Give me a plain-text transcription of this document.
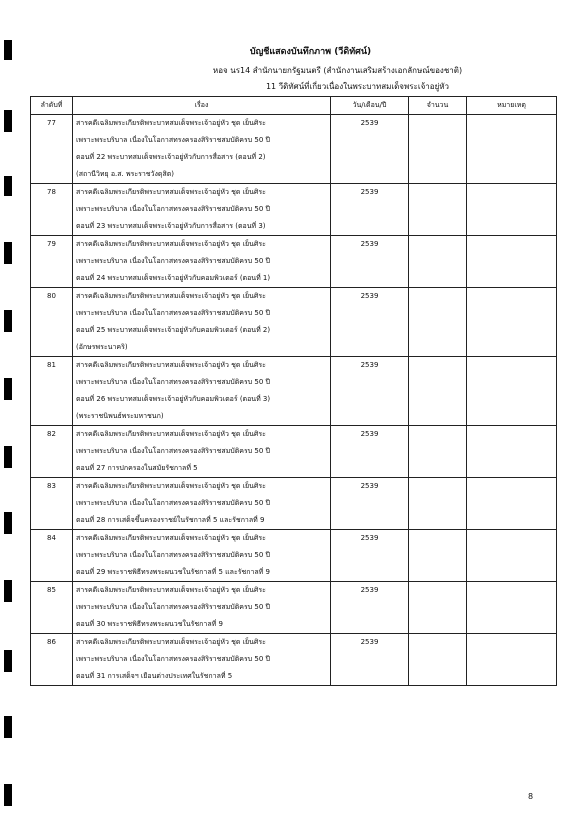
บัญชีแสดงบันทึกภาพ (วีดิทัศน์)
หอจ นร14 สำนักนายกรัฐมนตรี (สำนักงานเสริมสร้างเอกลักษณ์ของชาติ)
11 วีดิทัศน์ที่เกี่ยวเนื่องในพระบาทสมเด็จพระเจ้าอยู่หัว
ลำดับที่	เรื่อง	วัน/เดือน/ปี	จำนวน	หมายเหตุ
77	สารคดีเฉลิมพระเกียรติพระบาทสมเด็จพระเจ้าอยู่หัว ชุด เย็นศิระ
เพราะพระบริบาล เนื่องในโอกาสทรงครองสิริราชสมบัติครบ 50 ปี
ตอนที่ 22 พระบาทสมเด็จพระเจ้าอยู่หัวกับการสื่อสาร (ตอนที่ 2)
(สถานีวิทยุ อ.ส. พระราชวังดุสิต)	2539		
78	สารคดีเฉลิมพระเกียรติพระบาทสมเด็จพระเจ้าอยู่หัว ชุด เย็นศิระ
เพราะพระบริบาล เนื่องในโอกาสทรงครองสิริราชสมบัติครบ 50 ปี
ตอนที่ 23 พระบาทสมเด็จพระเจ้าอยู่หัวกับการสื่อสาร (ตอนที่ 3)	2539		
79	สารคดีเฉลิมพระเกียรติพระบาทสมเด็จพระเจ้าอยู่หัว ชุด เย็นศิระ
เพราะพระบริบาล เนื่องในโอกาสทรงครองสิริราชสมบัติครบ 50 ปี
ตอนที่ 24 พระบาทสมเด็จพระเจ้าอยู่หัวกับคอมพิวเตอร์ (ตอนที่ 1)	2539		
80	สารคดีเฉลิมพระเกียรติพระบาทสมเด็จพระเจ้าอยู่หัว ชุด เย็นศิระ
เพราะพระบริบาล เนื่องในโอกาสทรงครองสิริราชสมบัติครบ 50 ปี
ตอนที่ 25 พระบาทสมเด็จพระเจ้าอยู่หัวกับคอมพิวเตอร์ (ตอนที่ 2)
(อักษรพระนาคริ)	2539		
81	สารคดีเฉลิมพระเกียรติพระบาทสมเด็จพระเจ้าอยู่หัว ชุด เย็นศิระ
เพราะพระบริบาล เนื่องในโอกาสทรงครองสิริราชสมบัติครบ 50 ปี
ตอนที่ 26 พระบาทสมเด็จพระเจ้าอยู่หัวกับคอมพิวเตอร์ (ตอนที่ 3)
(พระราชนิพนธ์พระมหาชนก)	2539		
82	สารคดีเฉลิมพระเกียรติพระบาทสมเด็จพระเจ้าอยู่หัว ชุด เย็นศิระ
เพราะพระบริบาล เนื่องในโอกาสทรงครองสิริราชสมบัติครบ 50 ปี
ตอนที่ 27 การปกครองในสมัยรัชกาลที่ 5	2539		
83	สารคดีเฉลิมพระเกียรติพระบาทสมเด็จพระเจ้าอยู่หัว ชุด เย็นศิระ
เพราะพระบริบาล เนื่องในโอกาสทรงครองสิริราชสมบัติครบ 50 ปี
ตอนที่ 28 การเสด็จขึ้นครองราชย์ในรัชกาลที่ 5 และรัชกาลที่ 9	2539		
84	สารคดีเฉลิมพระเกียรติพระบาทสมเด็จพระเจ้าอยู่หัว ชุด เย็นศิระ
เพราะพระบริบาล เนื่องในโอกาสทรงครองสิริราชสมบัติครบ 50 ปี
ตอนที่ 29 พระราชพิธีทรงพระผนวชในรัชกาลที่ 5 และรัชกาลที่ 9	2539		
85	สารคดีเฉลิมพระเกียรติพระบาทสมเด็จพระเจ้าอยู่หัว ชุด เย็นศิระ
เพราะพระบริบาล เนื่องในโอกาสทรงครองสิริราชสมบัติครบ 50 ปี
ตอนที่ 30 พระราชพิธีทรงพระผนวชในรัชกาลที่ 9	2539		
86	สารคดีเฉลิมพระเกียรติพระบาทสมเด็จพระเจ้าอยู่หัว ชุด เย็นศิระ
เพราะพระบริบาล เนื่องในโอกาสทรงครองสิริราชสมบัติครบ 50 ปี
ตอนที่ 31 การเสด็จฯ เยือนต่างประเทศในรัชกาลที่ 5	2539		
8
